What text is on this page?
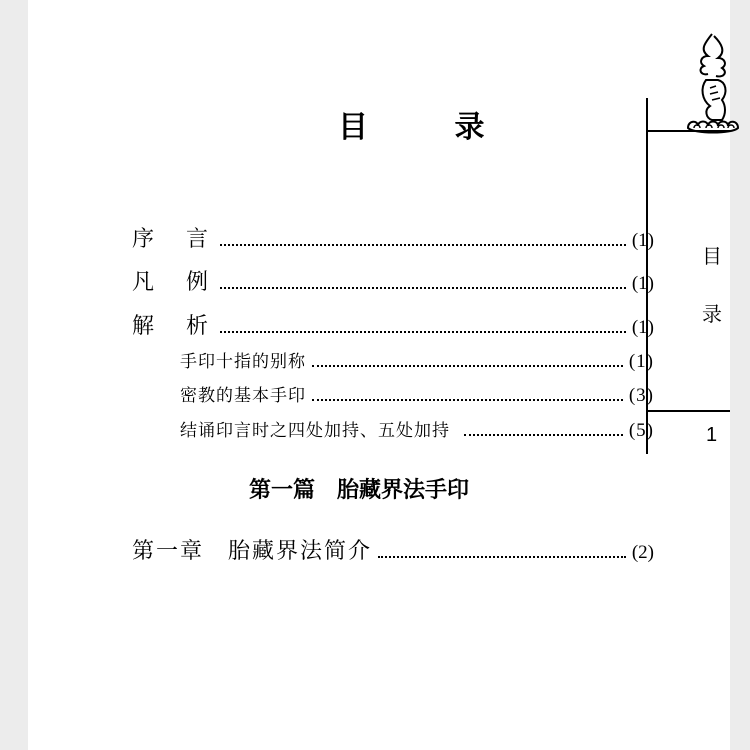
目
录
1
目 录
序言	(1)
凡例	(1)
解析	(1)
手印十指的别称	(1)
密教的基本手印	(3)
结诵印言时之四处加持、五处加持	(5)
第一篇　胎藏界法手印
第一章　胎藏界法简介	(2)
